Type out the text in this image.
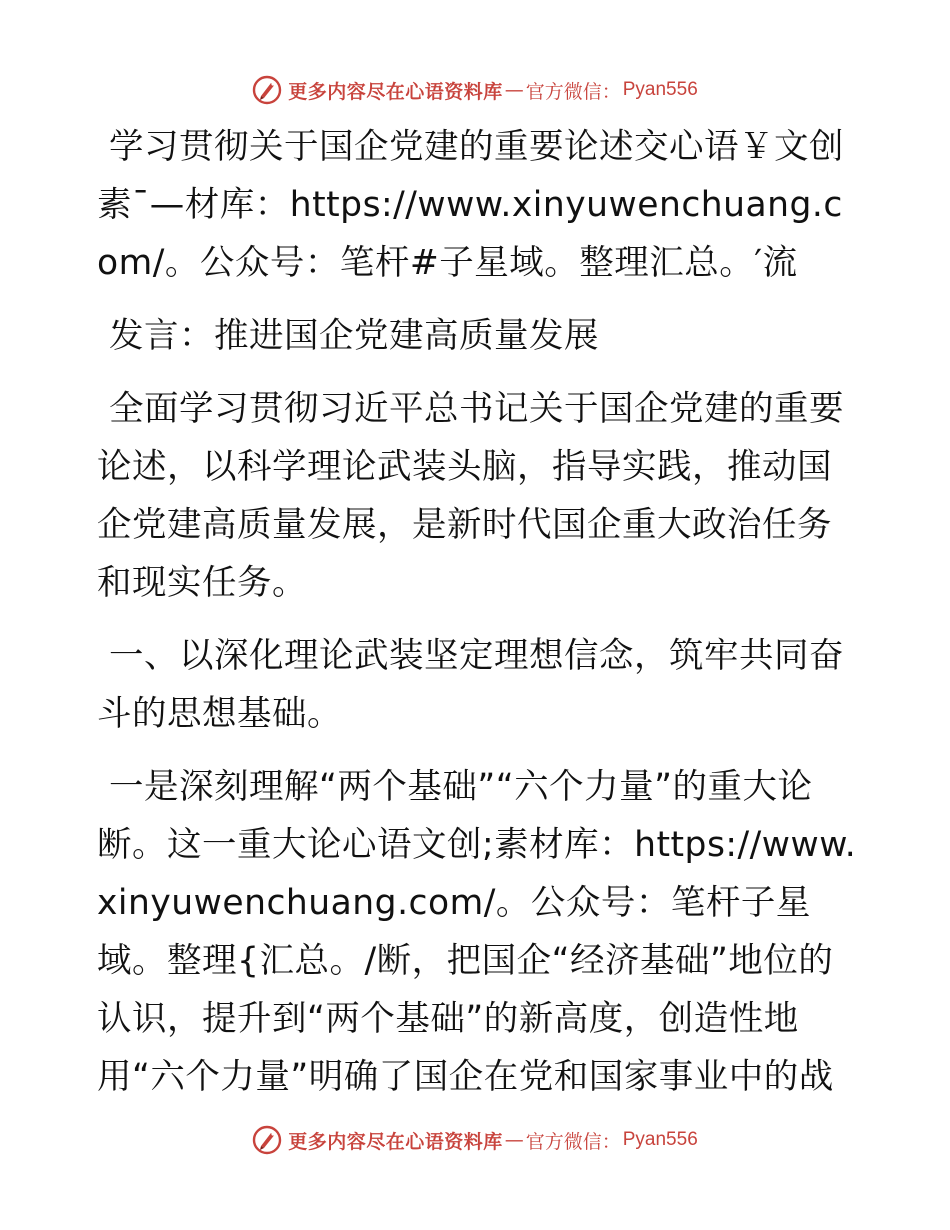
更多内容尽在心语资料库 — 官方微信： Pyan556

学习贯彻关于国企党建的重要论述交心语￥文创素¯—材库：https://www.xinyuwenchuang.com/。公众号：笔杆#子星域。整理汇总。′流

发言：推进国企党建高质量发展

全面学习贯彻习近平总书记关于国企党建的重要论述，以科学理论武装头脑，指导实践，推动国企党建高质量发展，是新时代国企重大政治任务和现实任务。

一、以深化理论武装坚定理想信念，筑牢共同奋斗的思想基础。

一是深刻理解“两个基础”“六个力量”的重大论断。这一重大论心语文创;素材库：https://www.xinyuwenchuang.com/。公众号：笔杆子星域。整理{汇总。/断，把国企“经济基础”地位的认识，提升到“两个基础”的新高度，创造性地用“六个力量”明确了国企在党和国家事业中的战

更多内容尽在心语资料库 — 官方微信： Pyan556
